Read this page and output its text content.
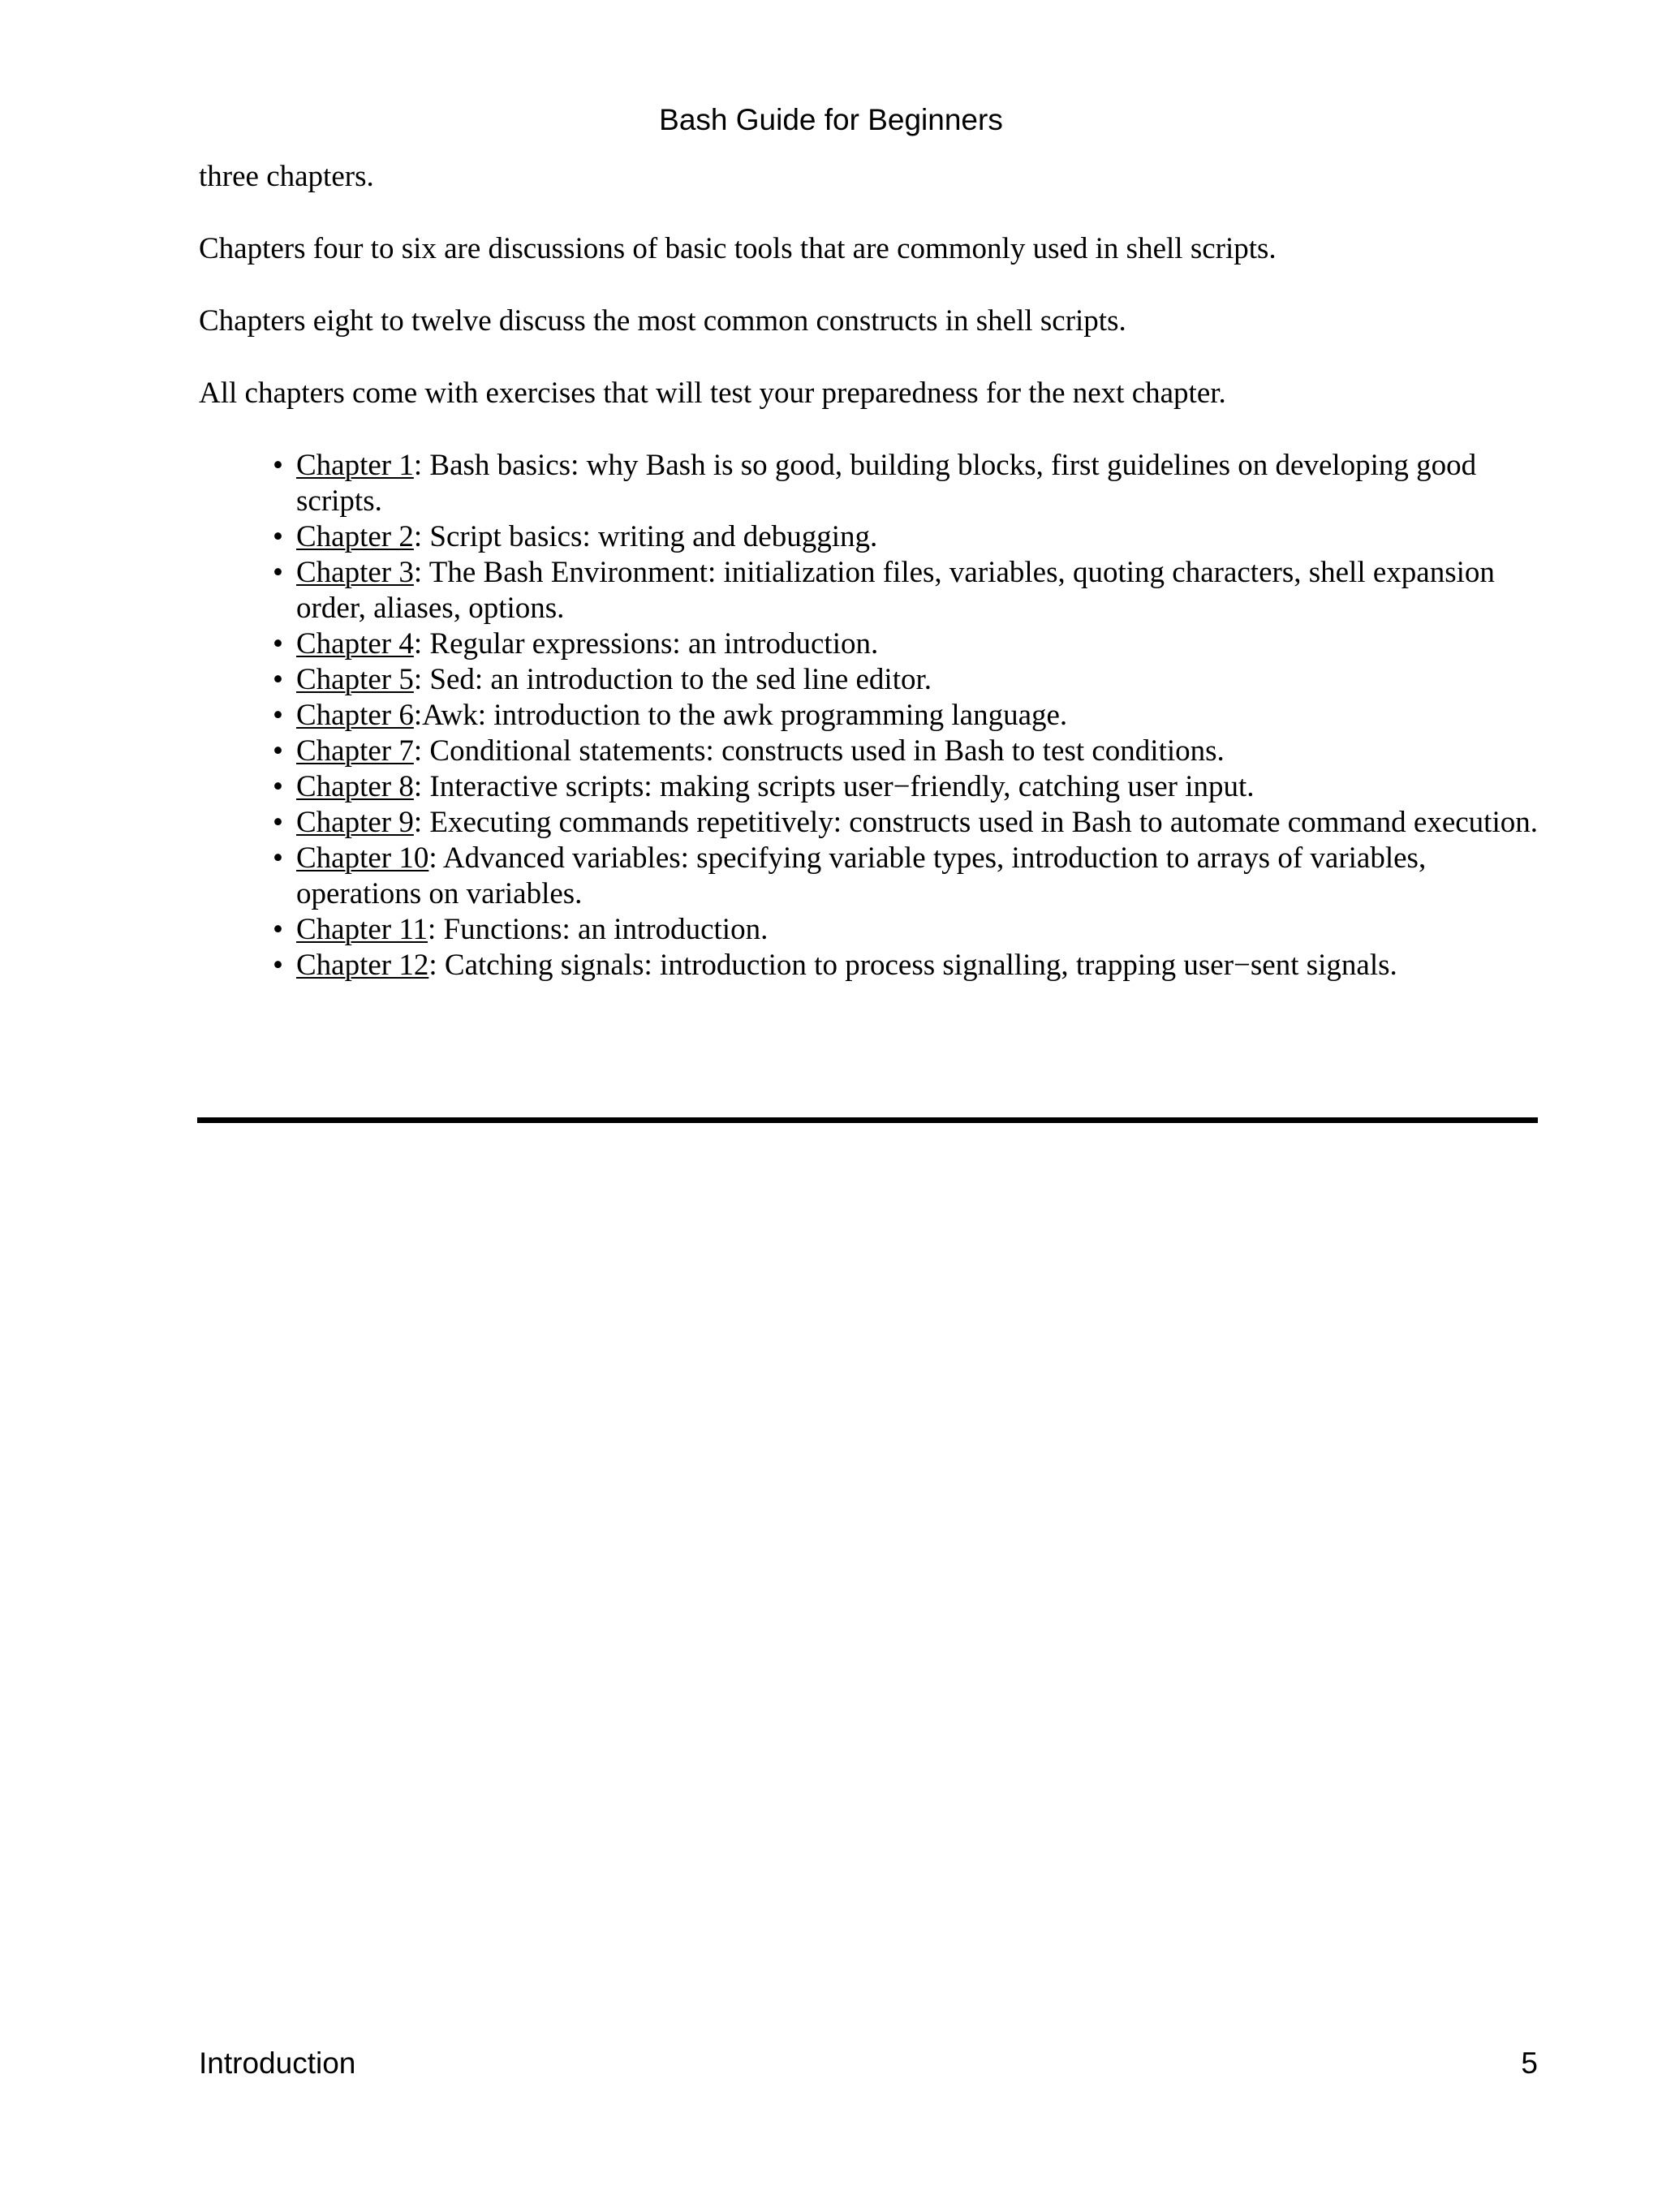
Bash Guide for Beginners

three chapters.

Chapters four to six are discussions of basic tools that are commonly used in shell scripts.

Chapters eight to twelve discuss the most common constructs in shell scripts.

All chapters come with exercises that will test your preparedness for the next chapter.

• Chapter 1: Bash basics: why Bash is so good, building blocks, first guidelines on developing good scripts.
• Chapter 2: Script basics: writing and debugging.
• Chapter 3: The Bash Environment: initialization files, variables, quoting characters, shell expansion order, aliases, options.
• Chapter 4: Regular expressions: an introduction.
• Chapter 5: Sed: an introduction to the sed line editor.
• Chapter 6:Awk: introduction to the awk programming language.
• Chapter 7: Conditional statements: constructs used in Bash to test conditions.
• Chapter 8: Interactive scripts: making scripts user−friendly, catching user input.
• Chapter 9: Executing commands repetitively: constructs used in Bash to automate command execution.
• Chapter 10: Advanced variables: specifying variable types, introduction to arrays of variables, operations on variables.
• Chapter 11: Functions: an introduction.
• Chapter 12: Catching signals: introduction to process signalling, trapping user−sent signals.
Introduction	5
